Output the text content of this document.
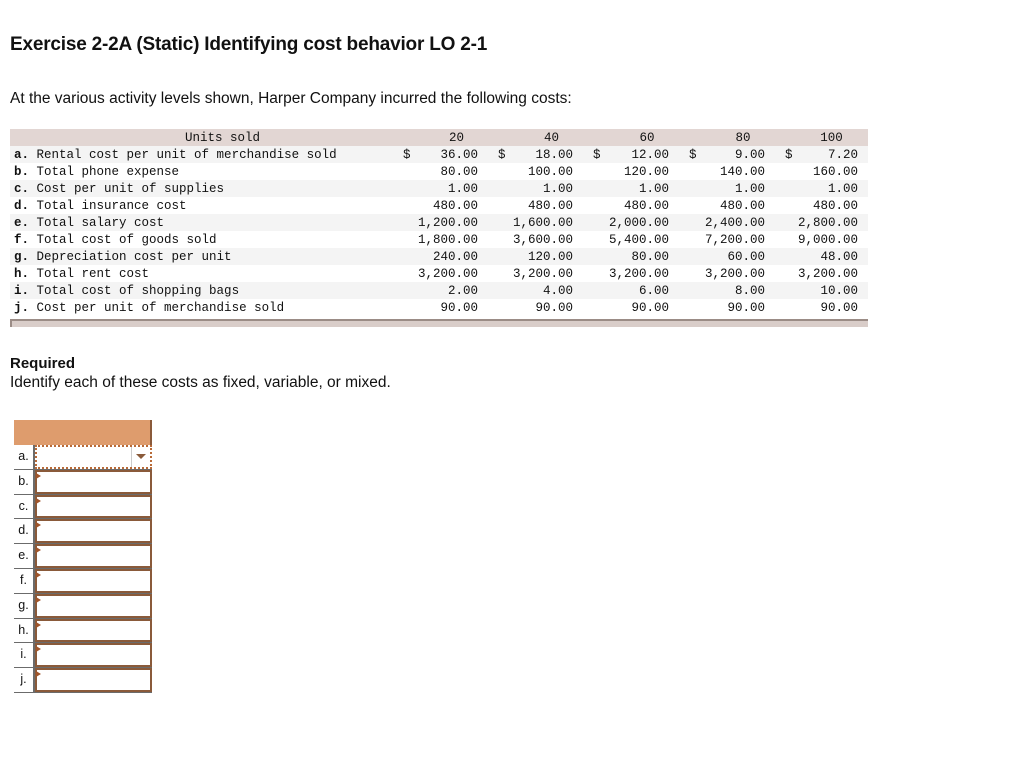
Exercise 2-2A (Static) Identifying cost behavior LO 2-1

At the various activity levels shown, Harper Company incurred the following costs:

Units sold	20	40	60	80	100
a. Rental cost per unit of merchandise sold	$ 36.00	$ 18.00	$ 12.00	$ 9.00	$ 7.20
b. Total phone expense	80.00	100.00	120.00	140.00	160.00
c. Cost per unit of supplies	1.00	1.00	1.00	1.00	1.00
d. Total insurance cost	480.00	480.00	480.00	480.00	480.00
e. Total salary cost	1,200.00	1,600.00	2,000.00	2,400.00	2,800.00
f. Total cost of goods sold	1,800.00	3,600.00	5,400.00	7,200.00	9,000.00
g. Depreciation cost per unit	240.00	120.00	80.00	60.00	48.00
h. Total rent cost	3,200.00	3,200.00	3,200.00	3,200.00	3,200.00
i. Total cost of shopping bags	2.00	4.00	6.00	8.00	10.00
j. Cost per unit of merchandise sold	90.00	90.00	90.00	90.00	90.00

Required

Identify each of these costs as fixed, variable, or mixed.

a.
b.
c.
d.
e.
f.
g.
h.
i.
j.
